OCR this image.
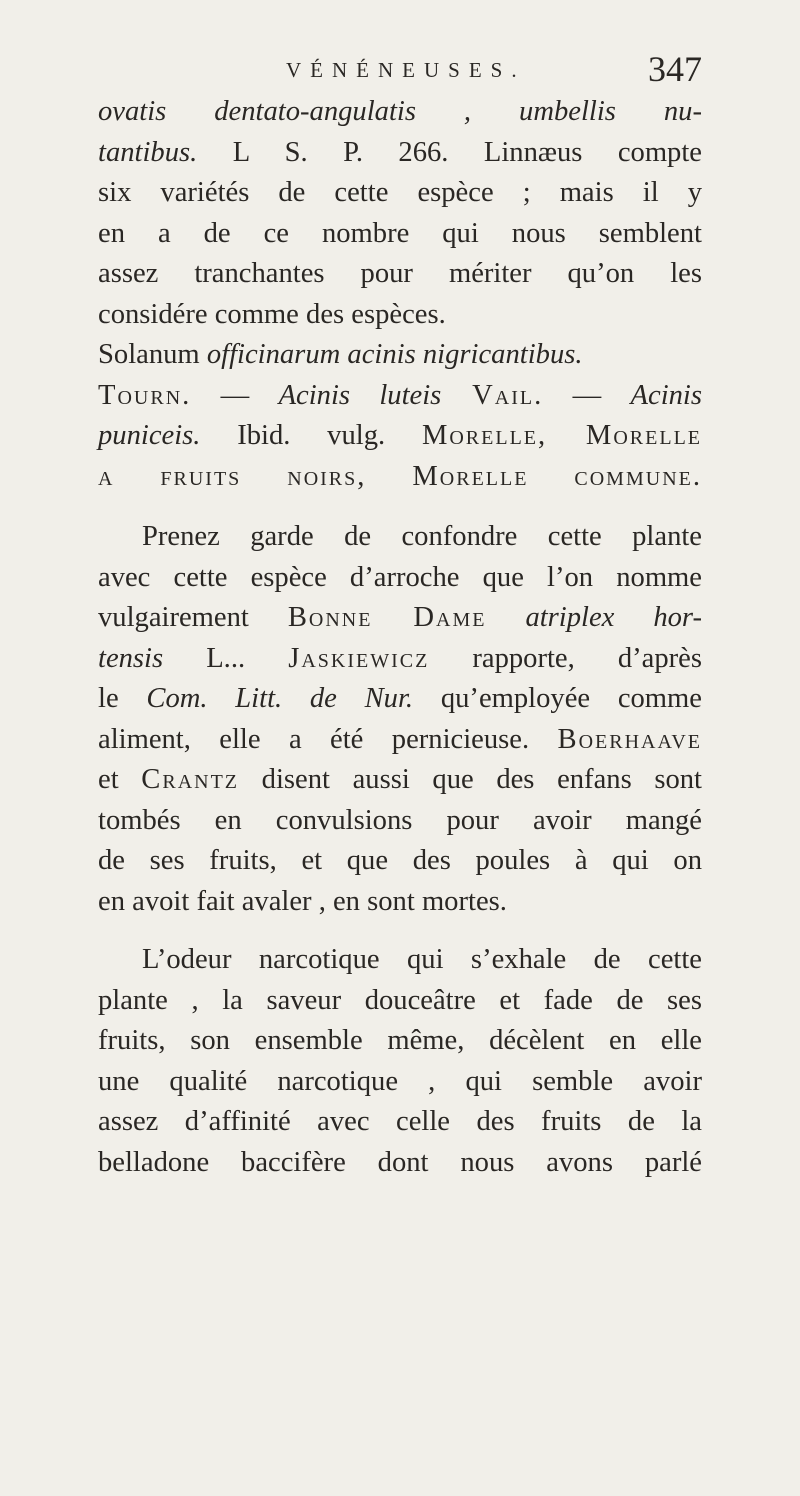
VÉNÉNEUSES.	347
ovatis dentato-angulatis , umbellis nu-
tantibus. L S. P. 266. Linnæus compte
six variétés de cette espèce ; mais il y
en a de ce nombre qui nous semblent
assez tranchantes pour mériter qu’on les
considére comme des espèces.
Solanum officinarum acinis nigricantibus.
Tourn. — Acinis luteis Vail. — Acinis
puniceis. Ibid. vulg. Morelle, Morelle
a fruits noirs, Morelle commune.
Prenez garde de confondre cette plante
avec cette espèce d’arroche que l’on nomme
vulgairement Bonne Dame atriplex hor-
tensis L... Jaskiewicz rapporte, d’après
le Com. Litt. de Nur. qu’employée comme
aliment, elle a été pernicieuse. Boerhaave
et Crantz disent aussi que des enfans sont
tombés en convulsions pour avoir mangé
de ses fruits, et que des poules à qui on
en avoit fait avaler , en sont mortes.
L’odeur narcotique qui s’exhale de cette
plante , la saveur douceâtre et fade de ses
fruits, son ensemble même, décèlent en elle
une qualité narcotique , qui semble avoir
assez d’affinité avec celle des fruits de la
belladone baccifère dont nous avons parlé
